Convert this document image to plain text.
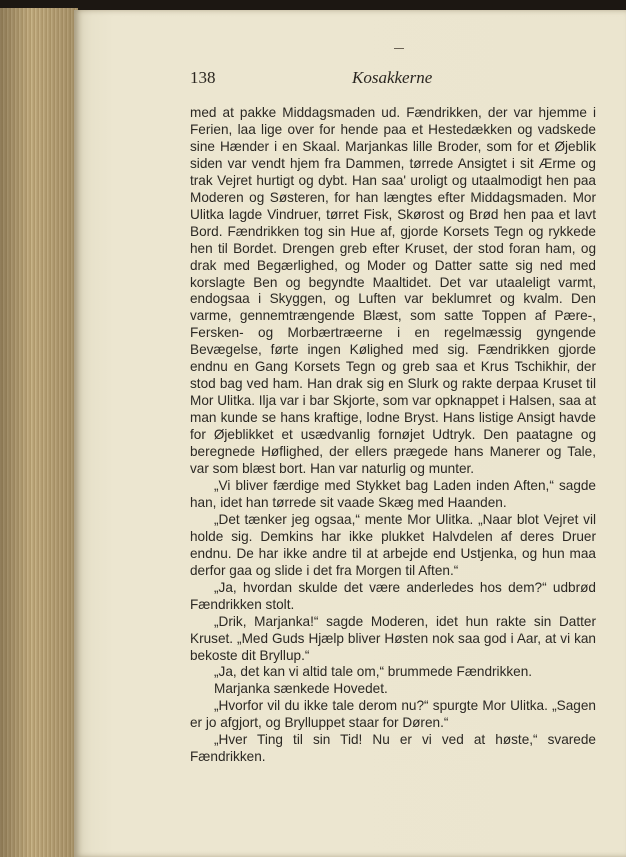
138	Kosakkerne

med at pakke Middagsmaden ud. Fændrikken, der var hjemme i Ferien, laa lige over for hende paa et Hestedækken og vadskede sine Hænder i en Skaal. Marjankas lille Broder, som for et Øjeblik siden var vendt hjem fra Dammen, tørrede Ansigtet i sit Ærme og trak Vejret hurtigt og dybt. Han saa' uroligt og utaalmodigt hen paa Moderen og Søsteren, for han længtes efter Middagsmaden. Mor Ulitka lagde Vindruer, tørret Fisk, Skørost og Brød hen paa et lavt Bord. Fændrikken tog sin Hue af, gjorde Korsets Tegn og rykkede hen til Bordet. Drengen greb efter Kruset, der stod foran ham, og drak med Begærlighed, og Moder og Datter satte sig ned med korslagte Ben og begyndte Maaltidet. Det var utaaleligt varmt, endogsaa i Skyggen, og Luften var beklumret og kvalm. Den varme, gennemtrængende Blæst, som satte Toppen af Pære-, Fersken- og Morbærtræerne i en regelmæssig gyngende Bevægelse, førte ingen Kølighed med sig. Fændrikken gjorde endnu en Gang Korsets Tegn og greb saa et Krus Tschikhir, der stod bag ved ham. Han drak sig en Slurk og rakte derpaa Kruset til Mor Ulitka. Ilja var i bar Skjorte, som var opknappet i Halsen, saa at man kunde se hans kraftige, lodne Bryst. Hans listige Ansigt havde for Øjeblikket et usædvanlig fornøjet Udtryk. Den paatagne og beregnede Høflighed, der ellers prægede hans Manerer og Tale, var som blæst bort. Han var naturlig og munter.

„Vi bliver færdige med Stykket bag Laden inden Aften,“ sagde han, idet han tørrede sit vaade Skæg med Haanden.

„Det tænker jeg ogsaa,“ mente Mor Ulitka. „Naar blot Vejret vil holde sig. Demkins har ikke plukket Halvdelen af deres Druer endnu. De har ikke andre til at arbejde end Ustjenka, og hun maa derfor gaa og slide i det fra Morgen til Aften.“

„Ja, hvordan skulde det være anderledes hos dem?“ udbrød Fændrikken stolt.

„Drik, Marjanka!“ sagde Moderen, idet hun rakte sin Datter Kruset. „Med Guds Hjælp bliver Høsten nok saa god i Aar, at vi kan bekoste dit Bryllup.“

„Ja, det kan vi altid tale om,“ brummede Fændrikken.

Marjanka sænkede Hovedet.

„Hvorfor vil du ikke tale derom nu?“ spurgte Mor Ulitka. „Sagen er jo afgjort, og Brylluppet staar for Døren.“

„Hver Ting til sin Tid! Nu er vi ved at høste,“ svarede Fændrikken.
